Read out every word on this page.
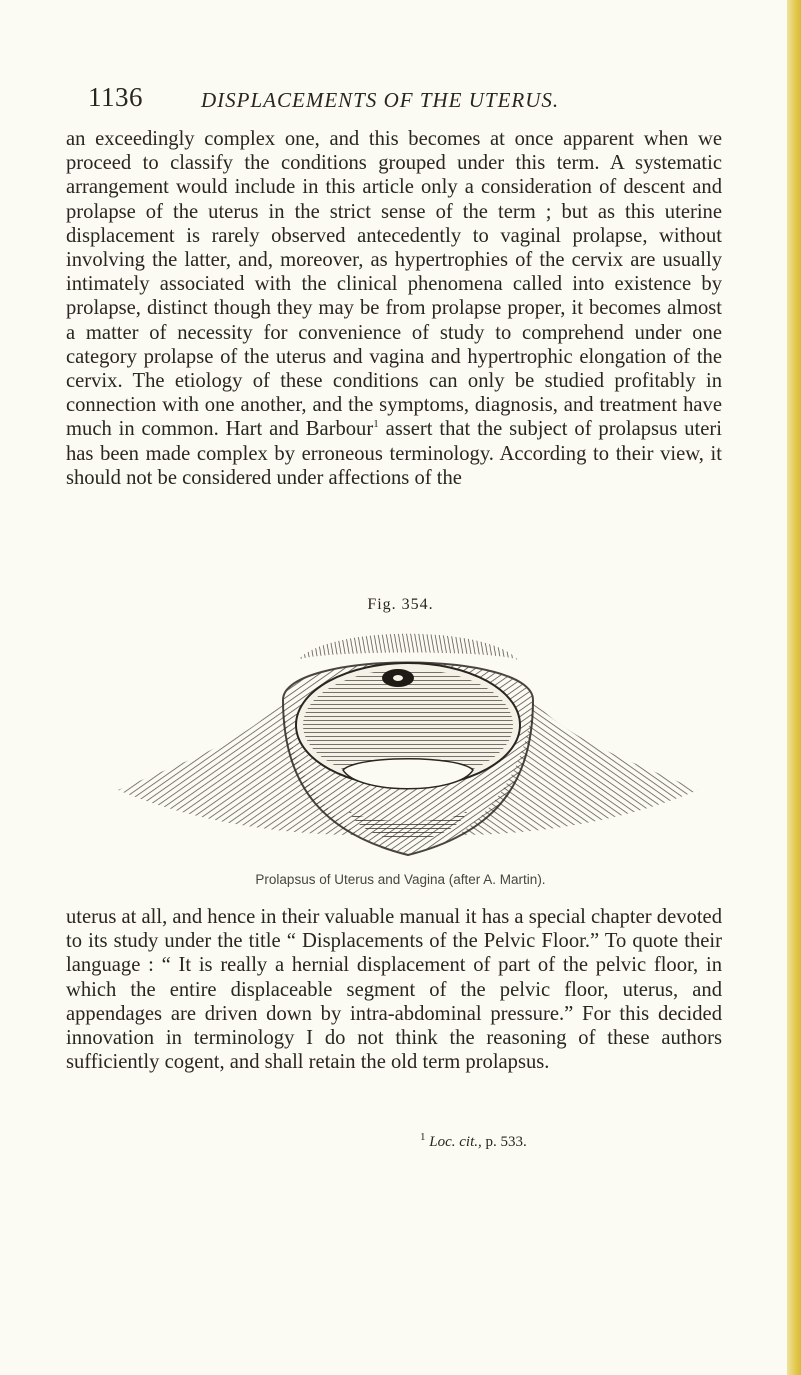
1136	DISPLACEMENTS OF THE UTERUS.

an exceedingly complex one, and this becomes at once apparent when we proceed to classify the conditions grouped under this term. A systematic arrangement would include in this article only a consideration of descent and prolapse of the uterus in the strict sense of the term ; but as this uterine displacement is rarely observed antecedently to vaginal prolapse, without involving the latter, and, moreover, as hypertrophies of the cervix are usually intimately associated with the clinical phenomena called into existence by prolapse, distinct though they may be from prolapse proper, it becomes almost a matter of necessity for convenience of study to comprehend under one category prolapse of the uterus and vagina and hypertrophic elongation of the cervix. The etiology of these conditions can only be studied profitably in connection with one another, and the symptoms, diagnosis, and treatment have much in common. Hart and Barbour$^1$ assert that the subject of prolapsus uteri has been made complex by erroneous terminology. According to their view, it should not be considered under affections of the

Fig. 354.
Prolapsus of Uterus and Vagina (after A. Martin).

uterus at all, and hence in their valuable manual it has a special chapter devoted to its study under the title “ Displacements of the Pelvic Floor.” To quote their language : “ It is really a hernial displacement of part of the pelvic floor, in which the entire displaceable segment of the pelvic floor, uterus, and appendages are driven down by intra-abdominal pressure.” For this decided innovation in terminology I do not think the reasoning of these authors sufficiently cogent, and shall retain the old term prolapsus.

$^1$ Loc. cit., p. 533.
